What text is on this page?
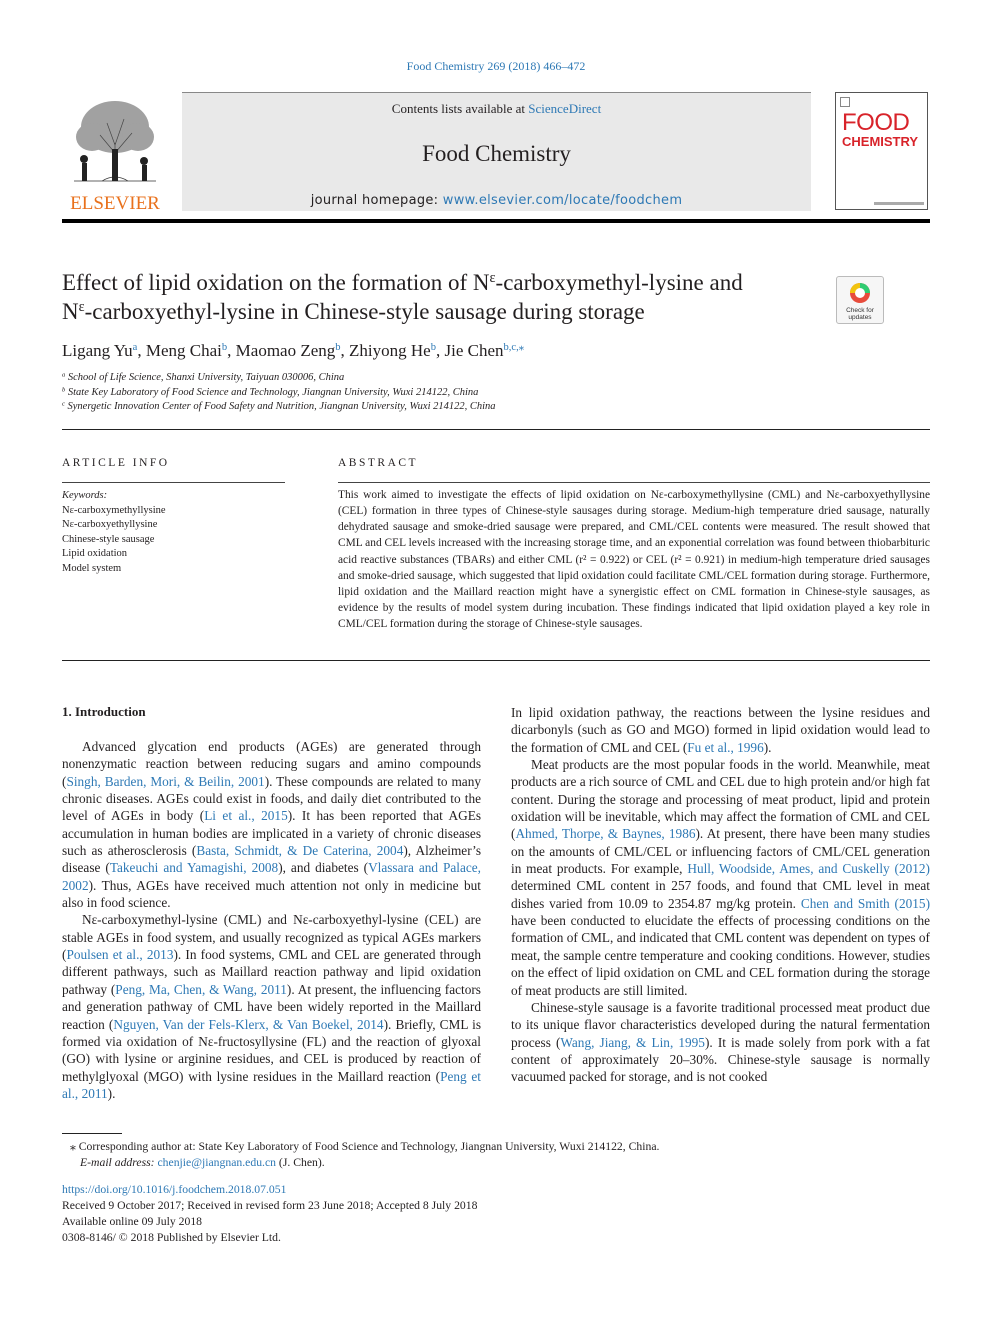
Food Chemistry 269 (2018) 466–472
ELSEVIER
Contents lists available at ScienceDirect
Food Chemistry
journal homepage: www.elsevier.com/locate/foodchem
FOOD
CHEMISTRY
Effect of lipid oxidation on the formation of $N^\varepsilon-carboxymethyl$-lysine and
$N^\varepsilon-carboxyethyl$-lysine in Chinese-style sausage during storage	Check for
updates
Ligang Yu$^a$, Meng Chai$^b$, Maomao Zeng$^b$, Zhiyong He$^b$, Jie Chen$^{b,c,⁎}$
$^a$ School of Life Science, Shanxi University, Taiyuan 030006, China
$^b$ State Key Laboratory of Food Science and Technology, Jiangnan University, Wuxi 214122, China
$^c$ Synergetic Innovation Center of Food Safety and Nutrition, Jiangnan University, Wuxi 214122, China
ARTICLE INFO	ABSTRACT
Keywords:
Nε-carboxymethyllysine
Nε-carboxyethyllysine
Chinese-style sausage
Lipid oxidation
Model system
This work aimed to investigate the effects of lipid oxidation on Nε-carboxymethyllysine (CML) and Nε-carboxyethyllysine (CEL) formation in three types of Chinese-style sausages during storage. Medium-high temperature dried sausage, naturally dehydrated sausage and smoke-dried sausage were prepared, and CML/CEL contents were measured. The result showed that CML and CEL levels increased with the increasing storage time, and an exponential correlation was found between thiobarbituric acid reactive substances (TBARs) and either CML (r² = 0.922) or CEL (r² = 0.921) in medium-high temperature dried sausages and smoke-dried sausage, which suggested that lipid oxidation could facilitate CML/CEL formation during storage. Furthermore, lipid oxidation and the Maillard reaction might have a synergistic effect on CML formation in Chinese-style sausages, as evidence by the results of model system during incubation. These findings indicated that lipid oxidation played a key role in CML/CEL formation during the storage of Chinese-style sausages.
1. Introduction

Advanced glycation end products (AGEs) are generated through nonenzymatic reaction between reducing sugars and amino compounds (Singh, Barden, Mori, & Beilin, 2001). These compounds are related to many chronic diseases. AGEs could exist in foods, and daily diet contributed to the level of AGEs in body (Li et al., 2015). It has been reported that AGEs accumulation in human bodies are implicated in a variety of chronic diseases such as atherosclerosis (Basta, Schmidt, & De Caterina, 2004), Alzheimer’s disease (Takeuchi and Yamagishi, 2008), and diabetes (Vlassara and Palace, 2002). Thus, AGEs have received much attention not only in medicine but also in food science.

Nε-carboxymethyl-lysine (CML) and Nε-carboxyethyl-lysine (CEL) are stable AGEs in food system, and usually recognized as typical AGEs markers (Poulsen et al., 2013). In food systems, CML and CEL are generated through different pathways, such as Maillard reaction pathway and lipid oxidation pathway (Peng, Ma, Chen, & Wang, 2011). At present, the influencing factors and generation pathway of CML have been widely reported in the Maillard reaction (Nguyen, Van der Fels-Klerx, & Van Boekel, 2014). Briefly, CML is formed via oxidation of Nε-fructosyllysine (FL) and the reaction of glyoxal (GO) with lysine or arginine residues, and CEL is produced by reaction of methylglyoxal (MGO) with lysine residues in the Maillard reaction (Peng et al., 2011).

In lipid oxidation pathway, the reactions between the lysine residues and dicarbonyls (such as GO and MGO) formed in lipid oxidation would lead to the formation of CML and CEL (Fu et al., 1996).

Meat products are the most popular foods in the world. Meanwhile, meat products are a rich source of CML and CEL due to high protein and/or high fat content. During the storage and processing of meat product, lipid and protein oxidation will be inevitable, which may affect the formation of CML and CEL (Ahmed, Thorpe, & Baynes, 1986). At present, there have been many studies on the amounts of CML/CEL or influencing factors of CML/CEL generation in meat products. For example, Hull, Woodside, Ames, and Cuskelly (2012) determined CML content in 257 foods, and found that CML level in meat dishes varied from 10.09 to 2354.87 mg/kg protein. Chen and Smith (2015) have been conducted to elucidate the effects of processing conditions on the formation of CML, and indicated that CML content was dependent on types of meat, the sample centre temperature and cooking conditions. However, studies on the effect of lipid oxidation on CML and CEL formation during the storage of meat products are still limited.

Chinese-style sausage is a favorite traditional processed meat product due to its unique flavor characteristics developed during the natural fermentation process (Wang, Jiang, & Lin, 1995). It is made solely from pork with a fat content of approximately 20–30%. Chinese-style sausage is normally vacuumed packed for storage, and is not cooked

⁎ Corresponding author at: State Key Laboratory of Food Science and Technology, Jiangnan University, Wuxi 214122, China.
E-mail address: chenjie@jiangnan.edu.cn (J. Chen).
https://doi.org/10.1016/j.foodchem.2018.07.051
Received 9 October 2017; Received in revised form 23 June 2018; Accepted 8 July 2018
Available online 09 July 2018
0308-8146/ © 2018 Published by Elsevier Ltd.
